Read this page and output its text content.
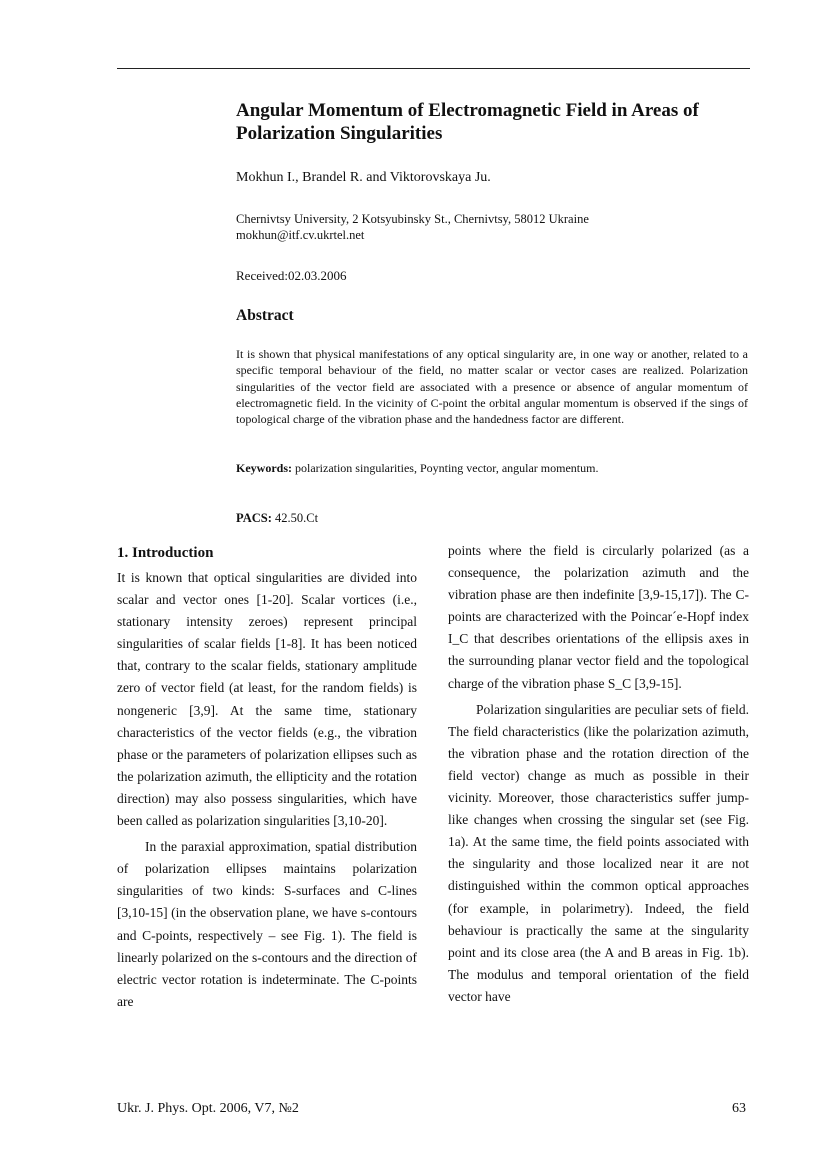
Angular Momentum of Electromagnetic Field in Areas of Polarization Singularities
Mokhun I., Brandel R. and Viktorovskaya Ju.
Chernivtsy University, 2 Kotsyubinsky St., Chernivtsy, 58012 Ukraine
mokhun@itf.cv.ukrtel.net
Received:02.03.2006
Abstract

It is shown that physical manifestations of any optical singularity are, in one way or another, related to a specific temporal behaviour of the field, no matter scalar or vector cases are realized. Polarization singularities of the vector field are associated with a presence or absence of angular momentum of electromagnetic field. In the vicinity of C-point the orbital angular momentum is observed if the sings of topological charge of the vibration phase and the handedness factor are different.

Keywords: polarization singularities, Poynting vector, angular momentum.

PACS: 42.50.Ct

1. Introduction

It is known that optical singularities are divided into scalar and vector ones [1-20]. Scalar vortices (i.e., stationary intensity zeroes) represent principal singularities of scalar fields [1-8]. It has been noticed that, contrary to the scalar fields, stationary amplitude zero of vector field (at least, for the random fields) is nongeneric [3,9]. At the same time, stationary characteristics of the vector fields (e.g., the vibration phase or the parameters of polarization ellipses such as the polarization azimuth, the ellipticity and the rotation direction) may also possess singularities, which have been called as polarization singularities [3,10-20].

In the paraxial approximation, spatial distribution of polarization ellipses maintains polarization singularities of two kinds: S-surfaces and C-lines [3,10-15] (in the observation plane, we have s-contours and C-points, respectively – see Fig. 1). The field is linearly polarized on the s-contours and the direction of electric vector rotation is indeterminate. The C-points are

points where the field is circularly polarized (as a consequence, the polarization azimuth and the vibration phase are then indefinite [3,9-15,17]). The C-points are characterized with the Poincar´e-Hopf index I_C that describes orientations of the ellipsis axes in the surrounding planar vector field and the topological charge of the vibration phase S_C [3,9-15].

Polarization singularities are peculiar sets of field. The field characteristics (like the polarization azimuth, the vibration phase and the rotation direction of the field vector) change as much as possible in their vicinity. Moreover, those characteristics suffer jump-like changes when crossing the singular set (see Fig. 1a). At the same time, the field points associated with the singularity and those localized near it are not distinguished within the common optical approaches (for example, in polarimetry). Indeed, the field behaviour is practically the same at the singularity point and its close area (the A and B areas in Fig. 1b). The modulus and temporal orientation of the field vector have

Ukr. J. Phys. Opt. 2006, V7, №2	63
